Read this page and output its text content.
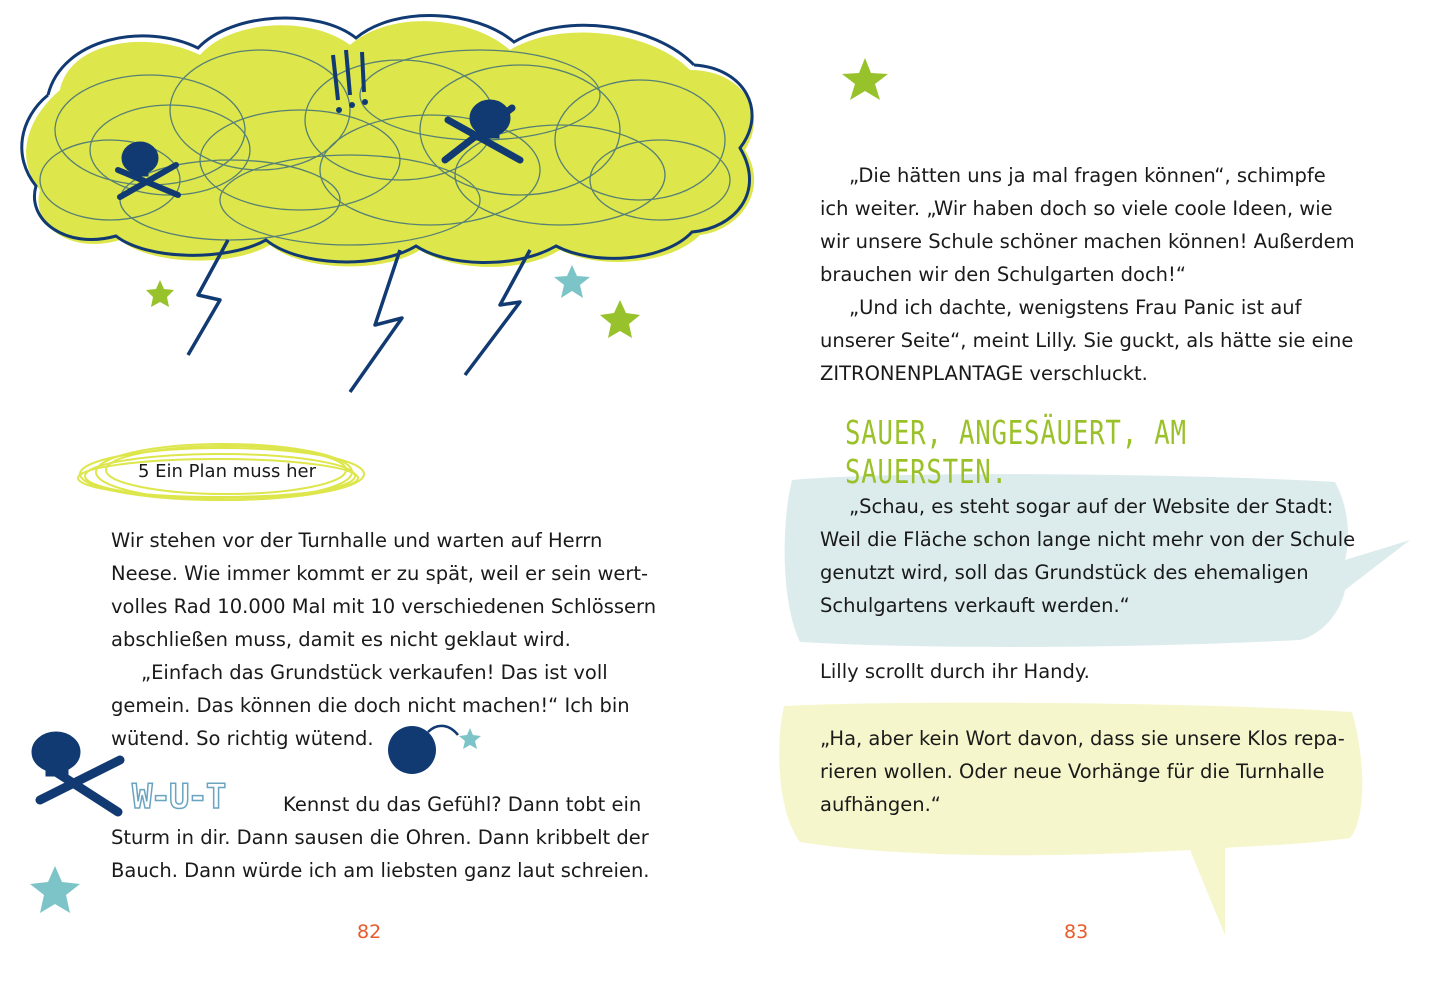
5 Ein Plan muss her
Wir stehen vor der Turnhalle und warten auf Herrn
Neese. Wie immer kommt er zu spät, weil er sein wert-
volles Rad 10.000 Mal mit 10 verschiedenen Schlössern
abschließen muss, damit es nicht geklaut wird.
„Einfach das Grundstück verkaufen! Das ist voll
gemein. Das können die doch nicht machen!“ Ich bin
wütend. So richtig wütend.
W-U-T	Kennst du das Gefühl? Dann tobt ein
Sturm in dir. Dann sausen die Ohren. Dann kribbelt der
Bauch. Dann würde ich am liebsten ganz laut schreien.
82
„Die hätten uns ja mal fragen können“, schimpfe
ich weiter. „Wir haben doch so viele coole Ideen, wie
wir unsere Schule schöner machen können! Außerdem
brauchen wir den Schulgarten doch!“
„Und ich dachte, wenigstens Frau Panic ist auf
unserer Seite“, meint Lilly. Sie guckt, als hätte sie eine
ZITRONENPLANTAGE verschluckt.
SAUER, ANGESÄUERT, AM SAUERSTEN.
„Schau, es steht sogar auf der Website der Stadt:
Weil die Fläche schon lange nicht mehr von der Schule
genutzt wird, soll das Grundstück des ehemaligen
Schulgartens verkauft werden.“
Lilly scrollt durch ihr Handy.
„Ha, aber kein Wort davon, dass sie unsere Klos repa-
rieren wollen. Oder neue Vorhänge für die Turnhalle
aufhängen.“
83
